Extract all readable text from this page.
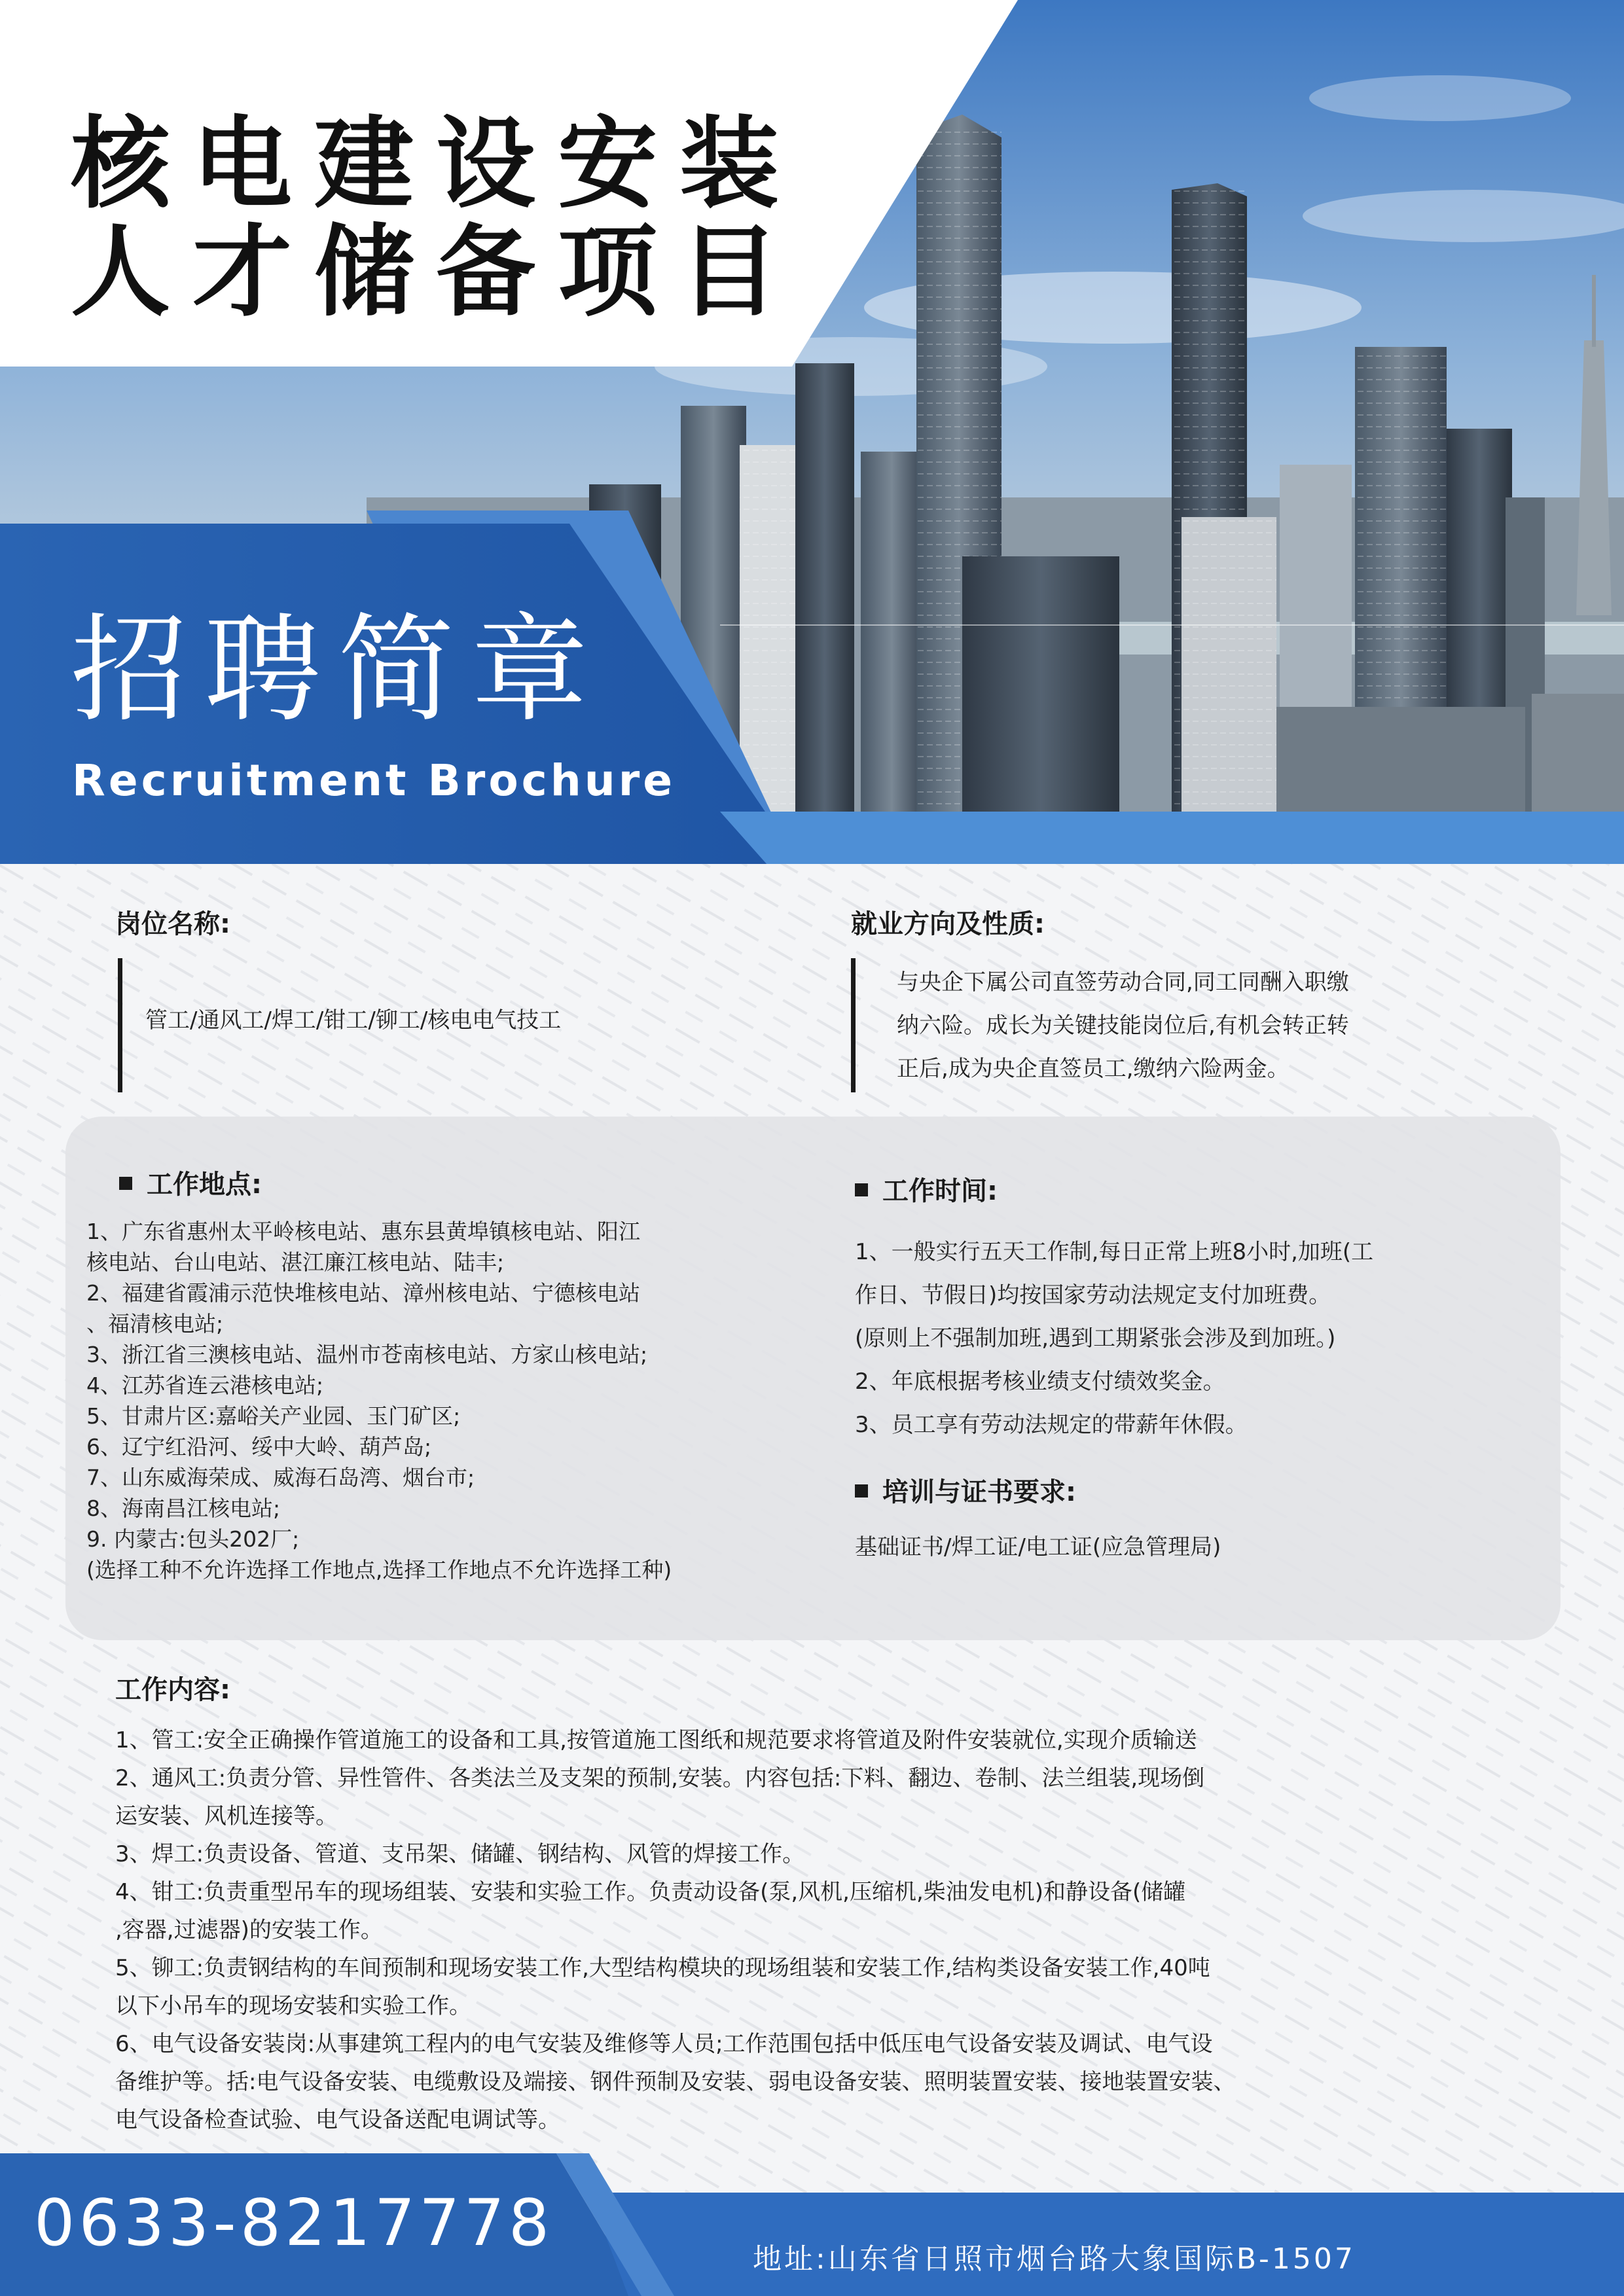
核电建设安装
人才储备项目
招聘简章
Recruitment Brochure
岗位名称:
管工/通风工/焊工/钳工/铆工/核电电气技工
就业方向及性质:
与央企下属公司直签劳动合同,同工同酬入职缴
纳六险。成长为关键技能岗位后,有机会转正转
正后,成为央企直签员工,缴纳六险两金。
工作地点:
1、广东省惠州太平岭核电站、惠东县黄埠镇核电站、阳江
核电站、台山电站、湛江廉江核电站、陆丰;
2、福建省霞浦示范快堆核电站、漳州核电站、宁德核电站
、福清核电站;
3、浙江省三澳核电站、温州市苍南核电站、方家山核电站;
4、江苏省连云港核电站;
5、甘肃片区:嘉峪关产业园、玉门矿区;
6、辽宁红沿河、绥中大岭、葫芦岛;
7、山东威海荣成、威海石岛湾、烟台市;
8、海南昌江核电站;
9. 内蒙古:包头202厂;
(选择工种不允许选择工作地点,选择工作地点不允许选择工种)
工作时间:
1、一般实行五天工作制,每日正常上班8小时,加班(工
作日、节假日)均按国家劳动法规定支付加班费。
(原则上不强制加班,遇到工期紧张会涉及到加班。)
2、年底根据考核业绩支付绩效奖金。
3、员工享有劳动法规定的带薪年休假。
培训与证书要求:
基础证书/焊工证/电工证(应急管理局)
工作内容:
1、管工:安全正确操作管道施工的设备和工具,按管道施工图纸和规范要求将管道及附件安装就位,实现介质输送
2、通风工:负责分管、异性管件、各类法兰及支架的预制,安装。内容包括:下料、翻边、卷制、法兰组装,现场倒
运安装、风机连接等。
3、焊工:负责设备、管道、支吊架、储罐、钢结构、风管的焊接工作。
4、钳工:负责重型吊车的现场组装、安装和实验工作。负责动设备(泵,风机,压缩机,柴油发电机)和静设备(储罐
,容器,过滤器)的安装工作。
5、铆工:负责钢结构的车间预制和现场安装工作,大型结构模块的现场组装和安装工作,结构类设备安装工作,40吨
以下小吊车的现场安装和实验工作。
6、电气设备安装岗:从事建筑工程内的电气安装及维修等人员;工作范围包括中低压电气设备安装及调试、电气设
备维护等。括:电气设备安装、电缆敷设及端接、钢件预制及安装、弱电设备安装、照明装置安装、接地装置安装、
电气设备检查试验、电气设备送配电调试等。
0633-8217778	地址:山东省日照市烟台路大象国际B-1507
